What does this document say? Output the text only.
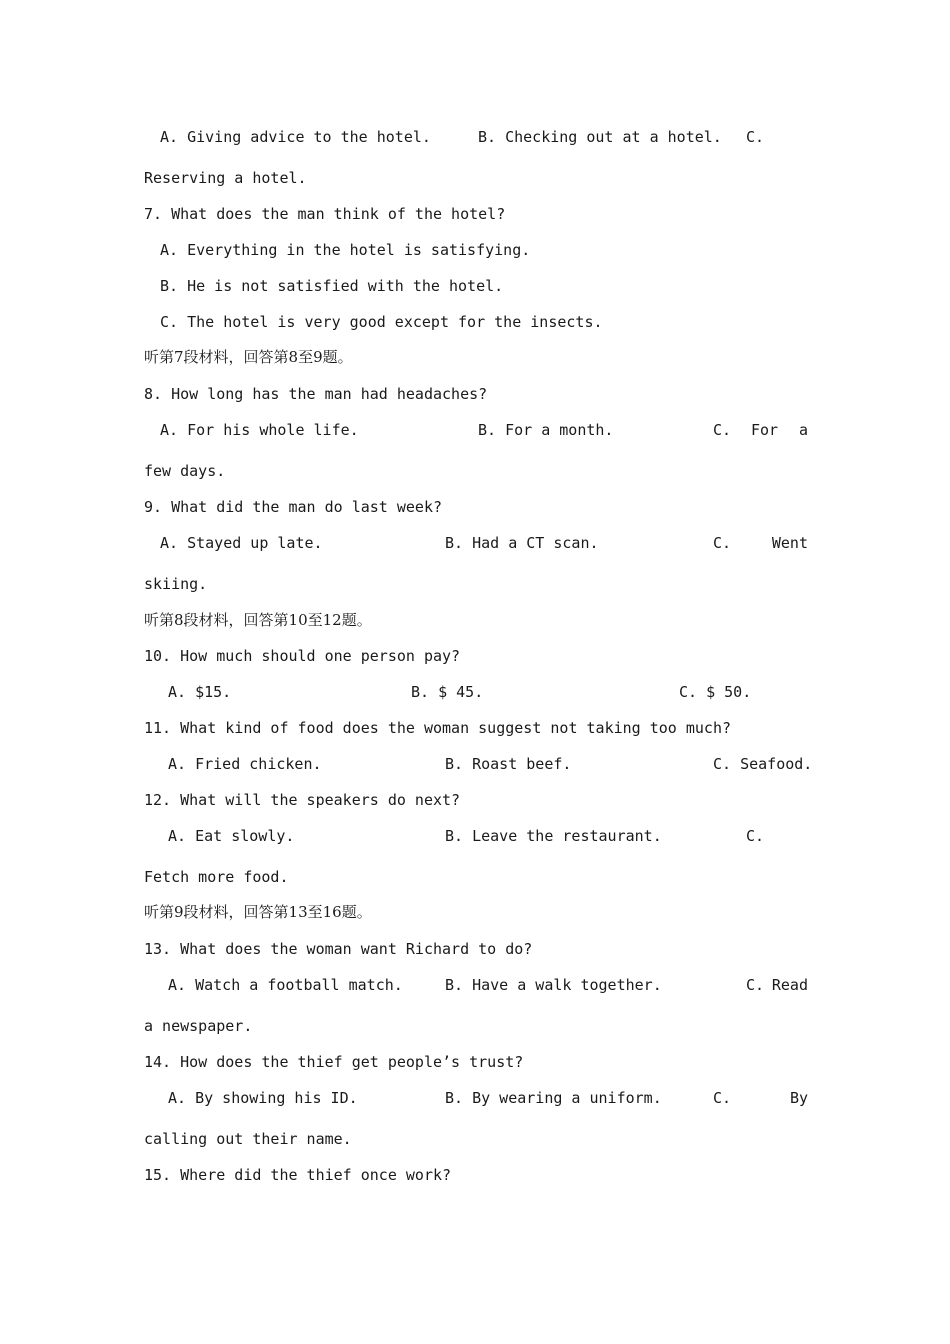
A. Giving advice to the hotel.

	B. Checking out at a hotel.

C.

Reserving a hotel.
7. What does the man think of the hotel?
A. Everything in the hotel is satisfying.
B. He is not satisfied with the hotel.
C. The hotel is very good except for the insects.
听第7段材料，回答第8至9题。
8. How long has the man had headaches?

A. For his whole life.

	B. For a month.

	C.

For

a

few days.
9. What did the man do last week?

A. Stayed up late.

	B. Had a CT scan.

	C.

	Went

skiing.
听第8段材料，回答第10至12题。
10. How much should one person pay?

A. $15.

	B. $ 45.

	C. $ 50.

11. What kind of food does the woman suggest not taking too much?

A. Fried chicken.

	B. Roast beef.

	C. Seafood.

12. What will the speakers do next?

A. Eat slowly.

	B. Leave the restaurant.

	C.

Fetch more food.
听第9段材料，回答第13至16题。
13. What does the woman want Richard to do?

A. Watch a football match.

	B. Have a walk together.

	C.

Read

a newspaper.
14. How does the thief get people’s trust?

A. By showing his ID.

	B. By wearing a uniform.

	C.

	By

calling out their name.
15. Where did the thief once work?
